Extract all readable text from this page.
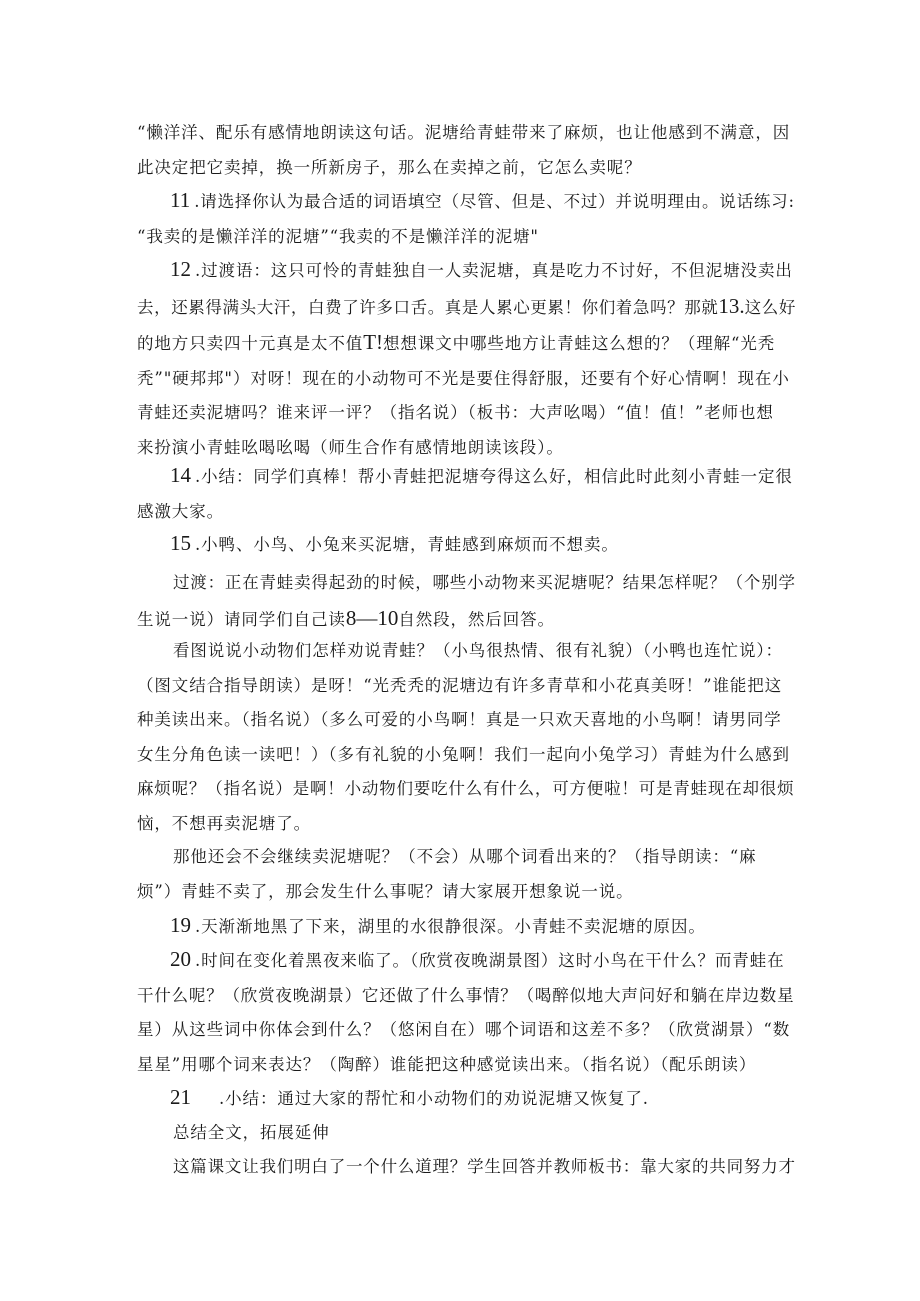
“懒洋洋、配乐有感情地朗读这句话。泥塘给青蛙带来了麻烦，也让他感到不满意，因
此决定把它卖掉，换一所新房子，那么在卖掉之前，它怎么卖呢？
11 .请选择你认为最合适的词语填空（尽管、但是、不过）并说明理由。说话练习:
“我卖的是懒洋洋的泥塘”“我卖的不是懒洋洋的泥塘"
12 .过渡语：这只可怜的青蛙独自一人卖泥塘，真是吃力不讨好，不但泥塘没卖出
去，还累得满头大汗，白费了许多口舌。真是人累心更累！你们着急吗？那就13.这么好
的地方只卖四十元真是太不值T!想想课文中哪些地方让青蛙这么想的？（理解“光秃
秃”"硬邦邦"）对呀！现在的小动物可不光是要住得舒服，还要有个好心情啊！现在小
青蛙还卖泥塘吗？谁来评一评？（指名说）（板书：大声吆喝）“值！值！”老师也想
来扮演小青蛙吆喝吆喝（师生合作有感情地朗读该段）。
14 .小结：同学们真棒！帮小青蛙把泥塘夸得这么好，相信此时此刻小青蛙一定很
感激大家。
15 .小鸭、小鸟、小兔来买泥塘，青蛙感到麻烦而不想卖。
过渡：正在青蛙卖得起劲的时候，哪些小动物来买泥塘呢？结果怎样呢？（个别学
生说一说）请同学们自己读8—10自然段，然后回答。
看图说说小动物们怎样劝说青蛙？（小鸟很热情、很有礼貌）（小鸭也连忙说）：
（图文结合指导朗读）是呀！“光秃秃的泥塘边有许多青草和小花真美呀！”谁能把这
种美读出来。（指名说）（多么可爱的小鸟啊！真是一只欢天喜地的小鸟啊！请男同学
女生分角色读一读吧！）（多有礼貌的小兔啊！我们一起向小兔学习）青蛙为什么感到
麻烦呢？（指名说）是啊！小动物们要吃什么有什么，可方便啦！可是青蛙现在却很烦
恼，不想再卖泥塘了。
那他还会不会继续卖泥塘呢？（不会）从哪个词看出来的？（指导朗读：“麻
烦”）青蛙不卖了，那会发生什么事呢？请大家展开想象说一说。
19 .天渐渐地黑了下来，湖里的水很静很深。小青蛙不卖泥塘的原因。
20 .时间在变化着黑夜来临了。（欣赏夜晚湖景图）这时小鸟在干什么？而青蛙在
干什么呢？（欣赏夜晚湖景）它还做了什么事情？（喝醉似地大声问好和躺在岸边数星
星）从这些词中你体会到什么？（悠闲自在）哪个词语和这差不多？（欣赏湖景）“数
星星”用哪个词来表达？（陶醉）谁能把这种感觉读出来。（指名说）（配乐朗读）
21 .小结：通过大家的帮忙和小动物们的劝说泥塘又恢复了.
总结全文，拓展延伸
这篇课文让我们明白了一个什么道理？学生回答并教师板书：靠大家的共同努力才
